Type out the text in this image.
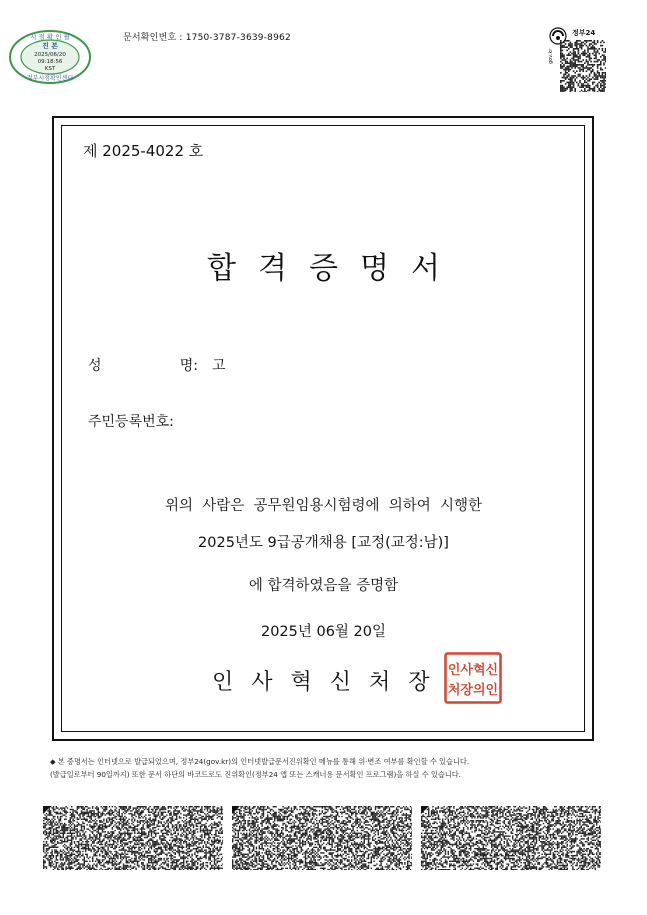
시 점 확 인 필
진 본
2025/06/20
09:18:56
KST
정부시점확인센터
문서확인번호 : 1750-3787-3639-8962	정부24
gov.kr
제 2025-4022 호
합격증명서
성	명: 고
주민등록번호:
위의  사람은  공무원임용시험령에  의하여  시행한
2025년도 9급공개채용 [교정(교정:남)]
에 합격하였음을 증명함
2025년 06월 20일
인사혁신처장 인사혁신
처장의인
◆ 본 증명서는 인터넷으로 발급되었으며, 정부24(gov.kr)의 인터넷발급문서진위확인 메뉴를 통해 위·변조 여부를 확인할 수 있습니다.
(발급일로부터 90일까지) 또한 문서 하단의 바코드로도 진위확인(정부24 앱 또는 스캐너용 문서확인 프로그램)을 하실 수 있습니다.
